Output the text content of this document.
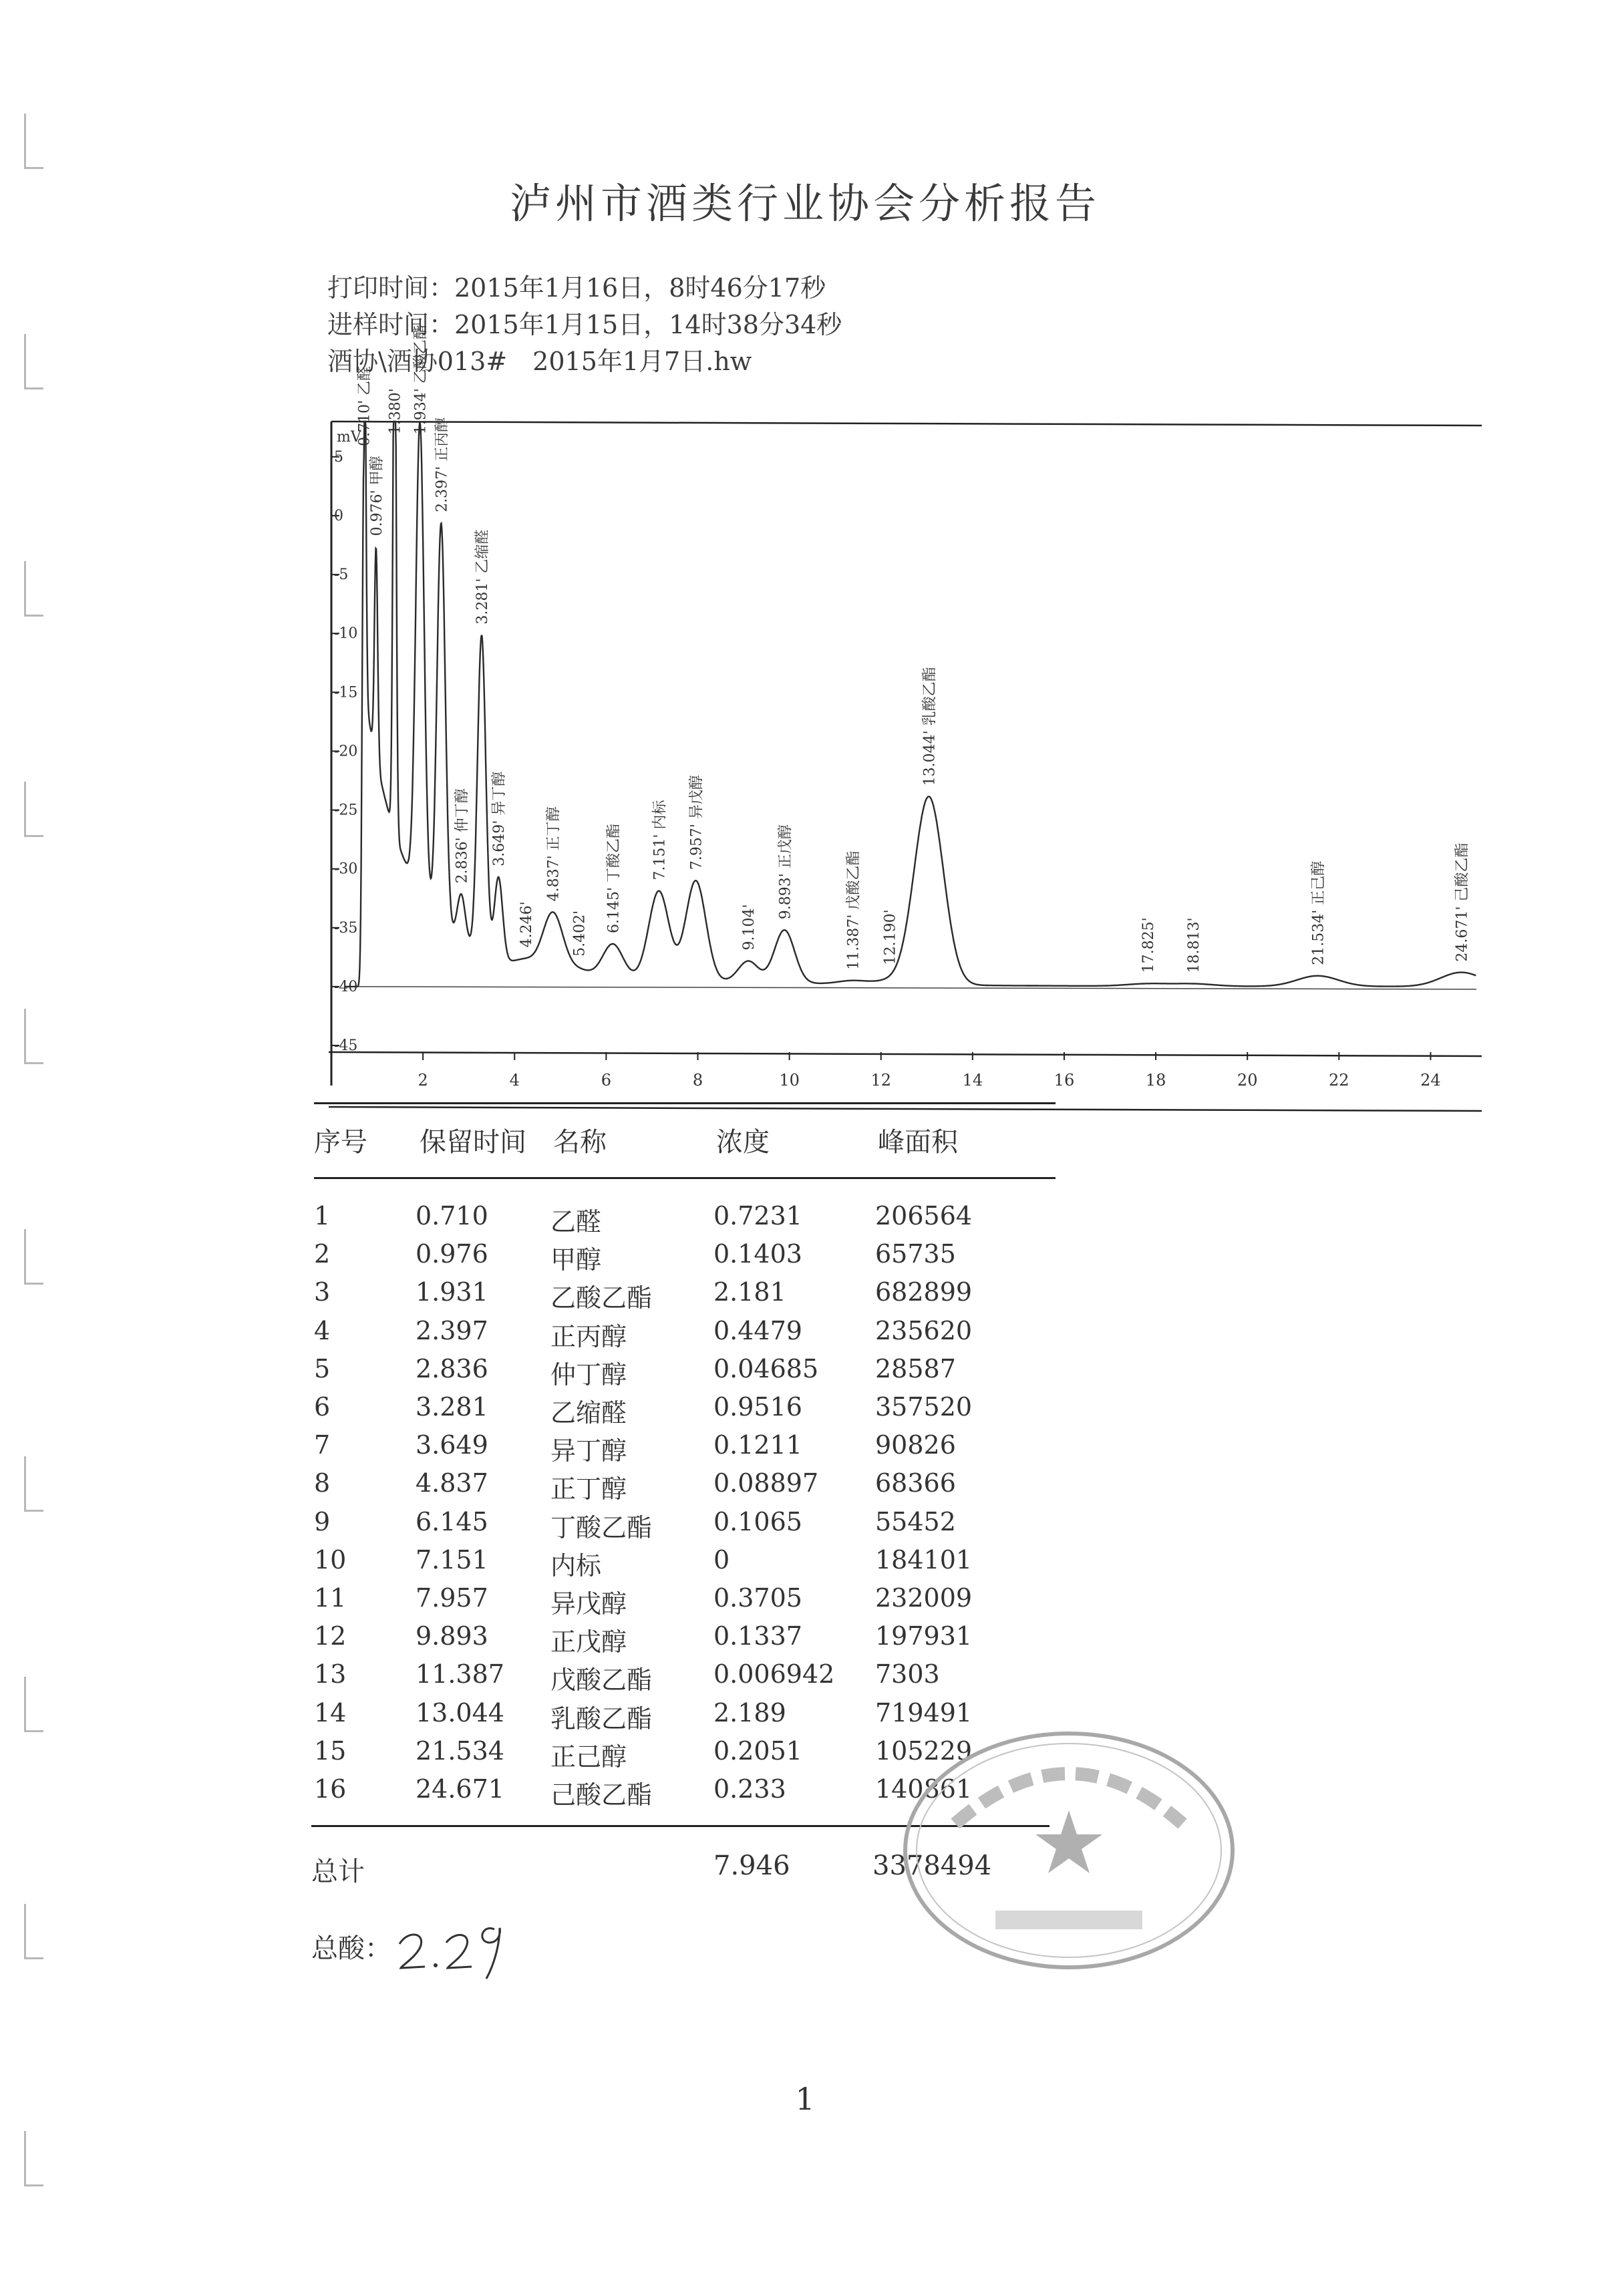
泸州市酒类行业协会分析报告
打印时间：2015年1月16日，8时46分17秒
进样时间：2015年1月15日，14时38分34秒
酒协\酒协013#　2015年1月7日.hw
5
0
-5
-10
-15
-20
-25
-30
-35
-40
-45
2	4	6	8	10	12	14	16	18	20	22	24
0.710' 乙醛
0.976' 甲醇
1.380' 1.934' 乙酸乙酯
2.397' 正丙醇
2.836' 仲丁醇
3.281' 乙缩醛
3.649' 异丁醇
4.246'
4.837' 正丁醇
5.402'
6.145' 丁酸乙酯 7.151' 内标 7.957' 异戊醇
9.104'
9.893' 正戊醇	11.387' 戊酸乙酯 12.190'
13.044' 乳酸乙酯
17.825' 18.813'	21.534' 正己醇	24.671' 己酸乙酯
mV
序号 保留时间 名称	浓度	峰面积
1	0.710 乙醛	0.7231	206564
2	0.976 甲醇	0.1403	65735
3	1.931 乙酸乙酯 2.181	682899
4	2.397 正丙醇	0.4479	235620
5	2.836 仲丁醇	0.04685 28587
6	3.281 乙缩醛	0.9516	357520
7	3.649 异丁醇	0.1211	90826
8	4.837 正丁醇	0.08897 68366
9	6.145 丁酸乙酯 0.1065	55452
10	7.151 内标	0	184101
11	7.957 异戊醇	0.3705	232009
12	9.893 正戊醇	0.1337	197931
13	11.387 戊酸乙酯 0.006942 7303
14	13.044 乳酸乙酯 2.189	719491
15	21.534 正己醇	0.2051	105229
16	24.671 己酸乙酯 0.233	140861
总计	7.946	3378494
总酸：
1
